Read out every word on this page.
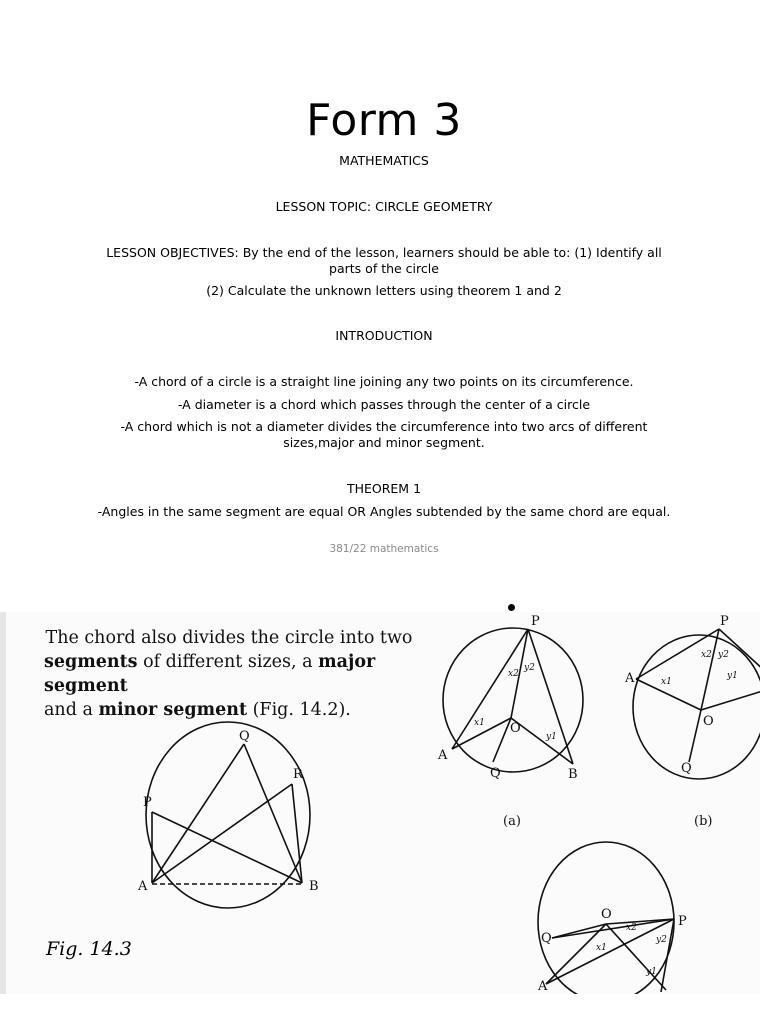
Form 3
MATHEMATICS
LESSON TOPIC: CIRCLE GEOMETRY
LESSON OBJECTIVES: By the end of the lesson, learners should be able to: (1) Identify all
parts of the circle
(2) Calculate the unknown letters using theorem 1 and 2
INTRODUCTION
-A chord of a circle is a straight line joining any two points on its circumference.
-A diameter is a chord which passes through the center of a circle
-A chord which is not a diameter divides the circumference into two arcs of different
sizes,major and minor segment.
THEOREM 1
-Angles in the same segment are equal OR Angles subtended by the same chord are equal.
381/22 mathematics
The chord also divides the circle into two
segments of different sizes, a major segment
and a minor segment (Fig. 14.2).
Q
R
P
A	B
P
A
B
Q
O
x1
x2
y1
y2
(a)
P
A
O
Q
x1
x2
y1
y2
(b)
Q
O	P
A
x1
x2
y1
y2
Fig. 14.3
